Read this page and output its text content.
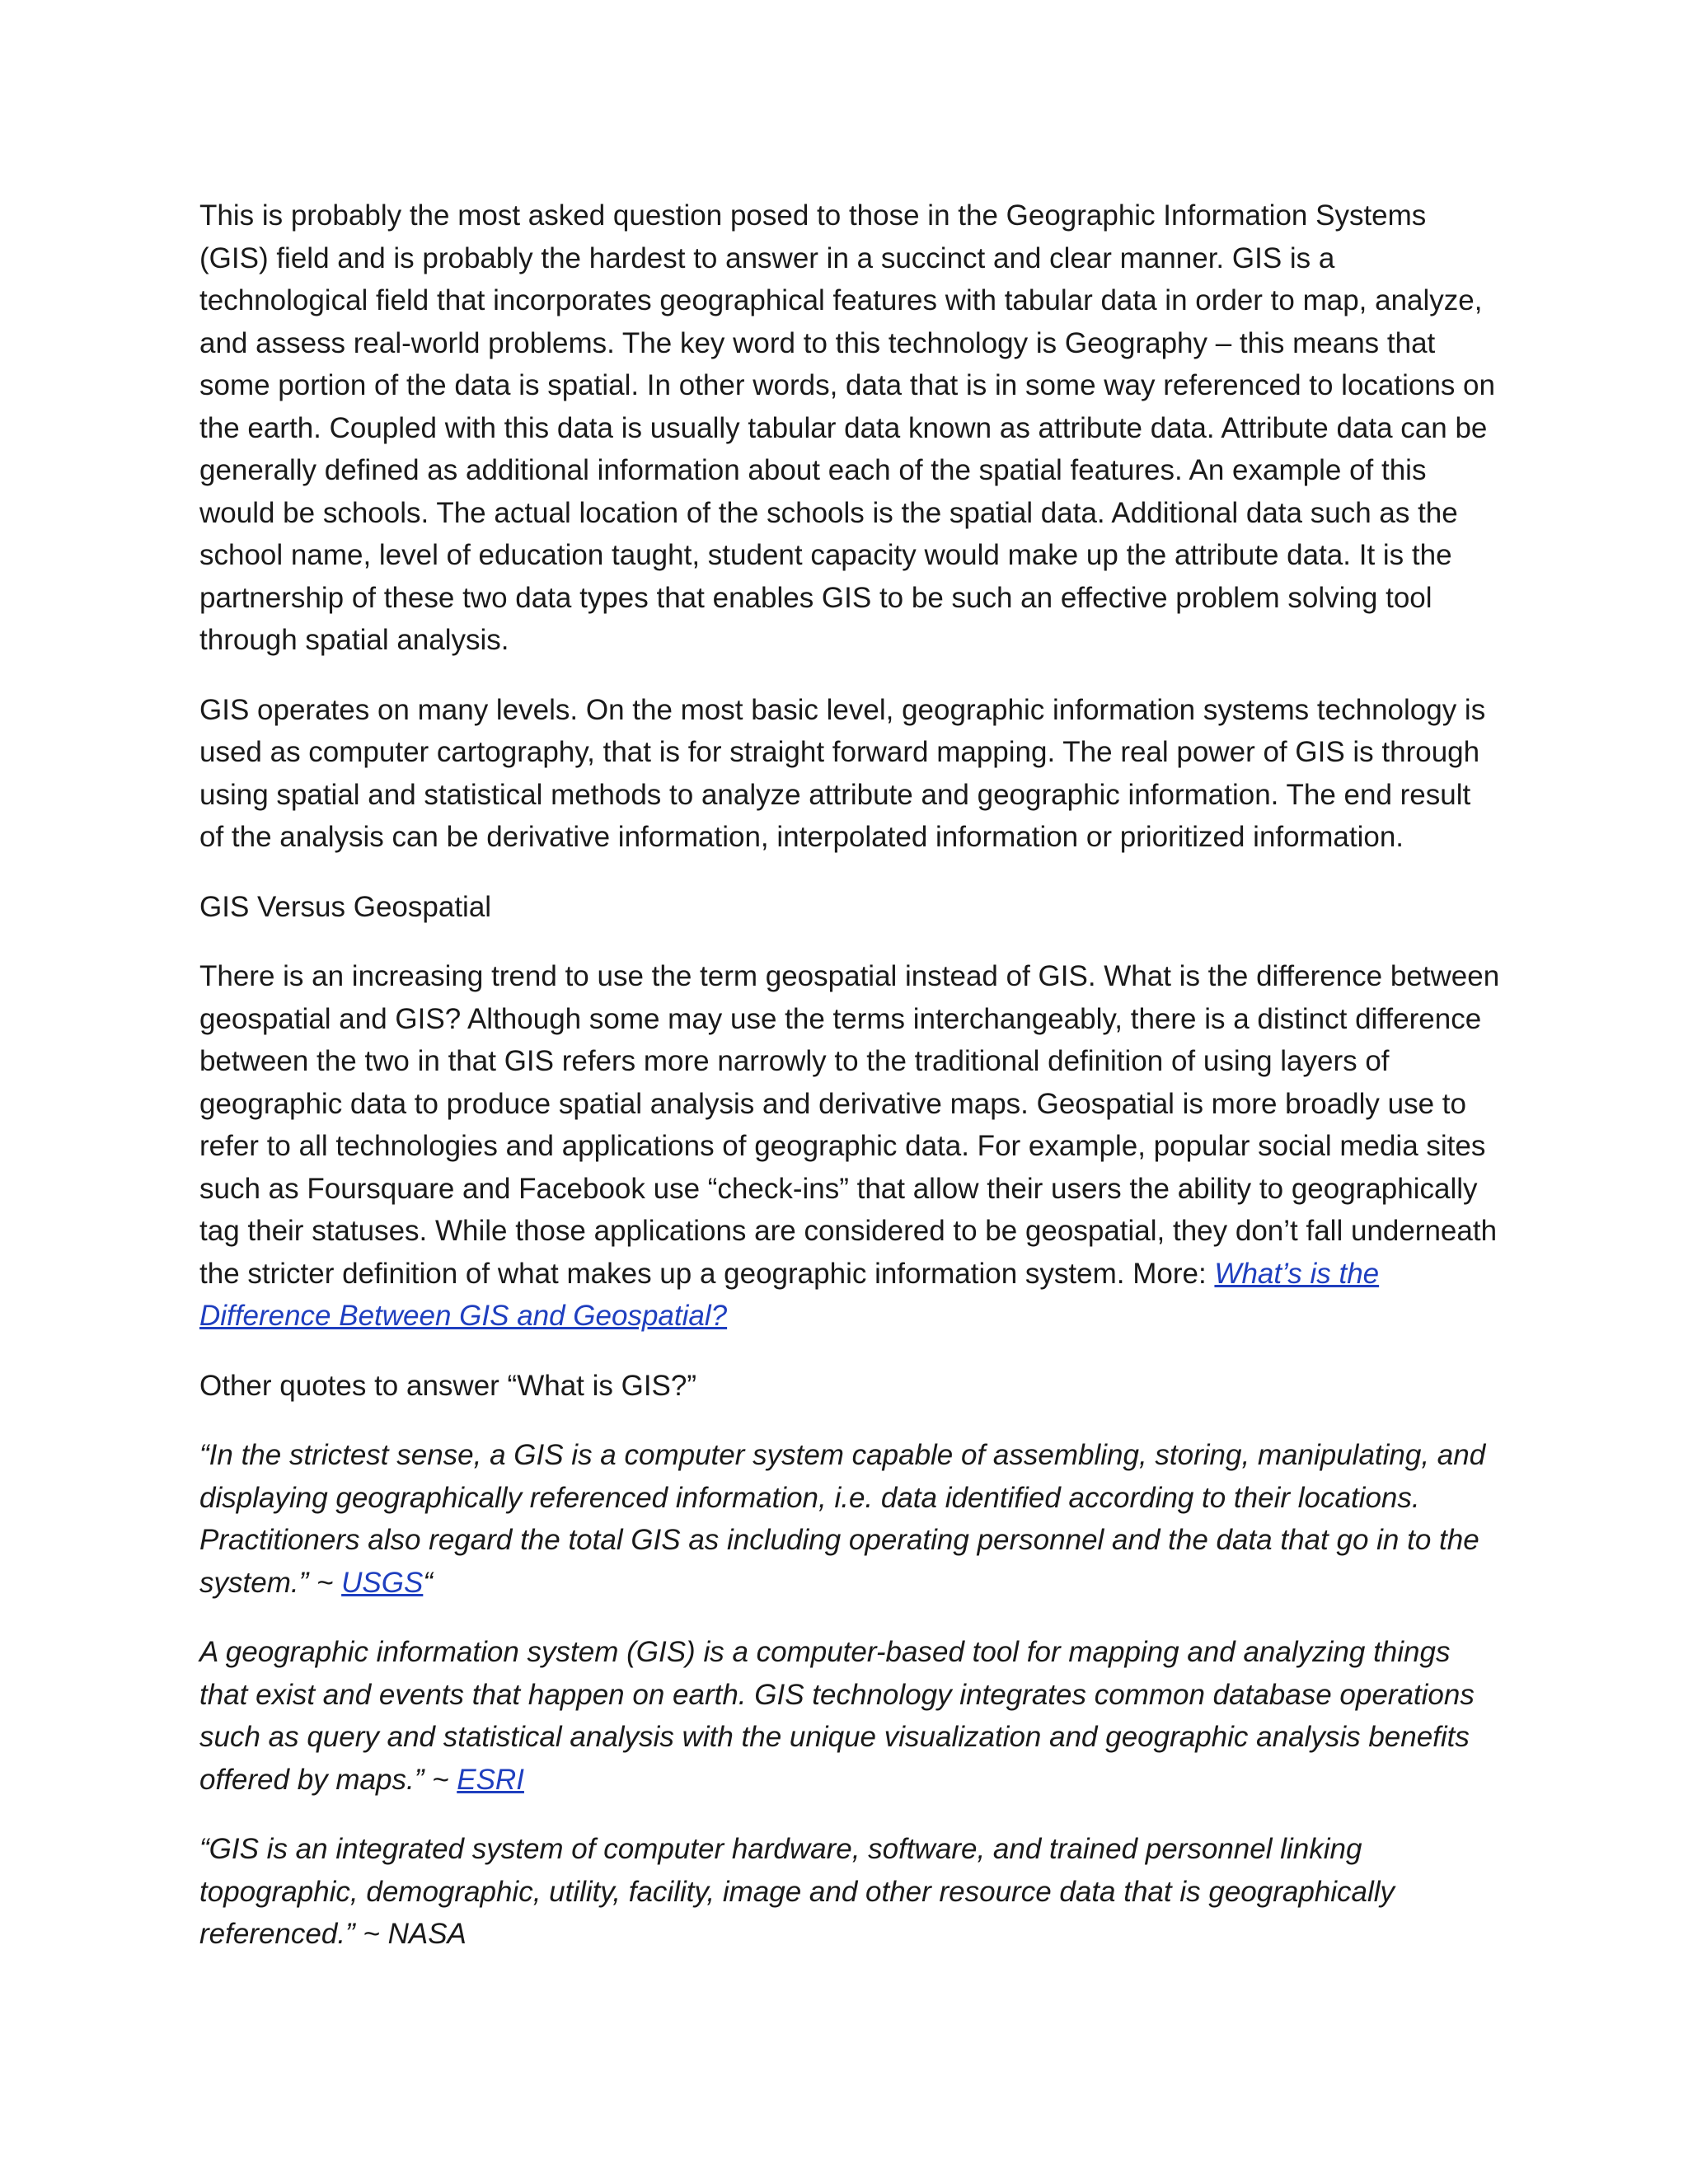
This is probably the most asked question posed to those in the Geographic Information Systems (GIS) field and is probably the hardest to answer in a succinct and clear manner. GIS is a technological field that incorporates geographical features with tabular data in order to map, analyze, and assess real-world problems. The key word to this technology is Geography – this means that some portion of the data is spatial. In other words, data that is in some way referenced to locations on the earth. Coupled with this data is usually tabular data known as attribute data. Attribute data can be generally defined as additional information about each of the spatial features. An example of this would be schools. The actual location of the schools is the spatial data. Additional data such as the school name, level of education taught, student capacity would make up the attribute data. It is the partnership of these two data types that enables GIS to be such an effective problem solving tool through spatial analysis.

GIS operates on many levels. On the most basic level, geographic information systems technology is used as computer cartography, that is for straight forward mapping. The real power of GIS is through using spatial and statistical methods to analyze attribute and geographic information. The end result of the analysis can be derivative information, interpolated information or prioritized information.

GIS Versus Geospatial

There is an increasing trend to use the term geospatial instead of GIS. What is the difference between geospatial and GIS? Although some may use the terms interchangeably, there is a distinct difference between the two in that GIS refers more narrowly to the traditional definition of using layers of geographic data to produce spatial analysis and derivative maps. Geospatial is more broadly use to refer to all technologies and applications of geographic data. For example, popular social media sites such as Foursquare and Facebook use “check-ins” that allow their users the ability to geographically tag their statuses. While those applications are considered to be geospatial, they don’t fall underneath the stricter definition of what makes up a geographic information system. More: What’s is the Difference Between GIS and Geospatial?

Other quotes to answer “What is GIS?”

“In the strictest sense, a GIS is a computer system capable of assembling, storing, manipulating, and displaying geographically referenced information, i.e. data identified according to their locations. Practitioners also regard the total GIS as including operating personnel and the data that go in to the system.” ~ USGS“

A geographic information system (GIS) is a computer-based tool for mapping and analyzing things that exist and events that happen on earth. GIS technology integrates common database operations such as query and statistical analysis with the unique visualization and geographic analysis benefits offered by maps.” ~ ESRI

“GIS is an integrated system of computer hardware, software, and trained personnel linking topographic, demographic, utility, facility, image and other resource data that is geographically referenced.” ~ NASA
